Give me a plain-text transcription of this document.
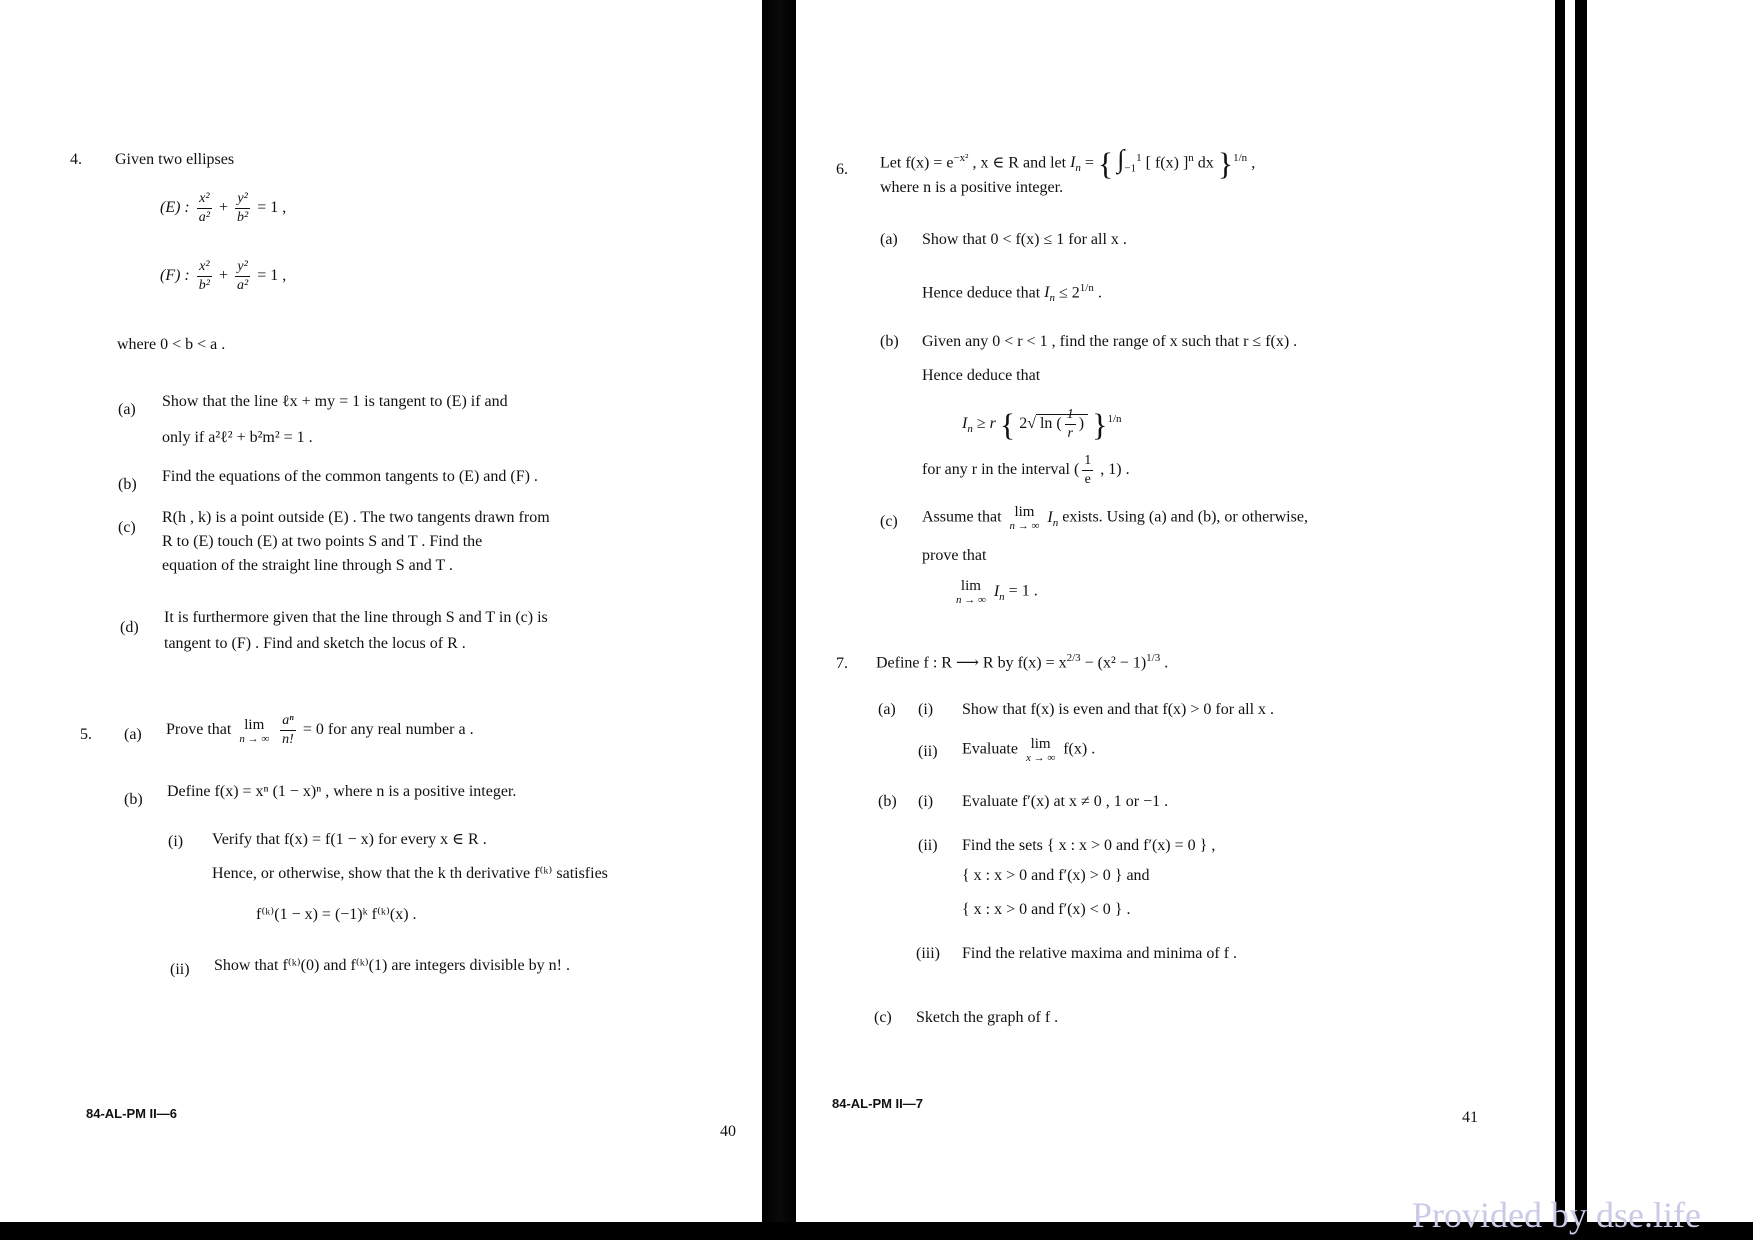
4. Given two ellipses
(E) : $\frac{\text{x²}}{\text{a²}} + \frac{\text{y²}}{\text{b²}} = 1$ ,
(F) : $\frac{\text{x²}}{\text{b²}} + \frac{\text{y²}}{\text{a²}} = 1$ ,
where 0 < b < a .
(a) Show that the line ℓx + my = 1 is tangent to (E) if and
only if a²ℓ² + b²m² = 1 .
(b) Find the equations of the common tangents to (E) and (F) .
(c)
R(h , k) is a point outside (E) . The two tangents drawn from
R to (E) touch (E) at two points S and T . Find the
equation of the straight line through S and T .
(d)
It is furthermore given that the line through S and T in (c) is
tangent to (F) . Find and sketch the locus of R .
5. (a) Prove that lim
n → ∞
$\frac{\text{aⁿ}}{n!} = 0$ for any real number a .
(b) Define f(x) = xⁿ (1 − x)ⁿ , where n is a positive integer.
(i) Verify that f(x) = f(1 − x) for every x ∈ R .
Hence, or otherwise, show that the k th derivative f⁽ᵏ⁾ satisfies
f⁽ᵏ⁾(1 − x) = (−1)ᵏ f⁽ᵏ⁾(x) .
(ii) Show that f⁽ᵏ⁾(0) and f⁽ᵏ⁾(1) are integers divisible by n! .
84-AL-PM II—6
40
6. Let $f(x) = e^{-x^2}$ , x ∈ R and let $I_n$ = { $\int_{-1}^1$ [ f(x) ]$^n$ dx }$^{1/n}$ ,
where n is a positive integer.
(a) Show that 0 < f(x) ≤ 1 for all x .
Hence deduce that $I_n \le 2^{1/n}$ .
(b) Given any 0 < r < 1 , find the range of x such that r ≤ f(x) .
Hence deduce that
$I_n \ge r$ { 2√ ln ( $\frac{1}{r}$ ) }$^{1/n}$
for any r in the interval ( $\frac{1}{e}$ , 1) .
(c) Assume that lim
n → ∞
$I_n$ exists. Using (a) and (b), or otherwise,
prove that
lim
n → ∞
$I_n = 1$ .
7. Define f : R ⟶ R by $f(x) = x^{2/3} - (x^2 - 1)^{1/3}$ .
(a) (i) Show that f(x) is even and that f(x) > 0 for all x .
(ii) Evaluate lim
x → ∞
f(x) .
(b) (i) Evaluate f′(x) at x ≠ 0 , 1 or −1 .
(ii) Find the sets { x : x > 0 and f′(x) = 0 } ,
{ x : x > 0 and f′(x) > 0 } and
{ x : x > 0 and f′(x) < 0 } .
(iii) Find the relative maxima and minima of f .
(c) Sketch the graph of f .
84-AL-PM II—7
41
Provided by dse.life
